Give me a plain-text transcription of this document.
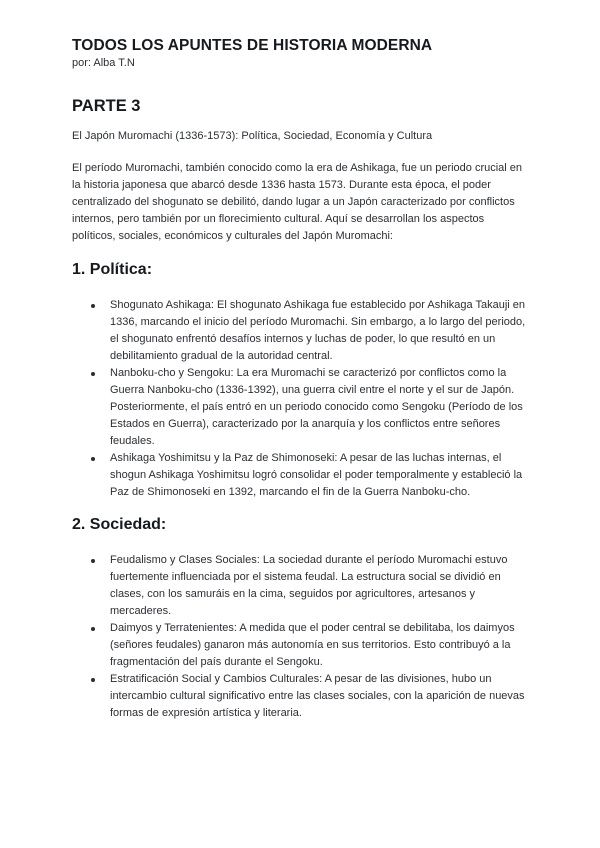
TODOS LOS APUNTES DE HISTORIA MODERNA

por: Alba T.N

PARTE 3

El Japón Muromachi (1336-1573): Política, Sociedad, Economía y Cultura

El período Muromachi, también conocido como la era de Ashikaga, fue un periodo crucial en la historia japonesa que abarcó desde 1336 hasta 1573. Durante esta época, el poder centralizado del shogunato se debilitó, dando lugar a un Japón caracterizado por conflictos internos, pero también por un florecimiento cultural. Aquí se desarrollan los aspectos políticos, sociales, económicos y culturales del Japón Muromachi:

1. Política:
Shogunato Ashikaga: El shogunato Ashikaga fue establecido por Ashikaga Takauji en 1336, marcando el inicio del período Muromachi. Sin embargo, a lo largo del periodo, el shogunato enfrentó desafíos internos y luchas de poder, lo que resultó en un debilitamiento gradual de la autoridad central.
Nanboku-cho y Sengoku: La era Muromachi se caracterizó por conflictos como la Guerra Nanboku-cho (1336-1392), una guerra civil entre el norte y el sur de Japón. Posteriormente, el país entró en un periodo conocido como Sengoku (Período de los Estados en Guerra), caracterizado por la anarquía y los conflictos entre señores feudales.
Ashikaga Yoshimitsu y la Paz de Shimonoseki: A pesar de las luchas internas, el shogun Ashikaga Yoshimitsu logró consolidar el poder temporalmente y estableció la Paz de Shimonoseki en 1392, marcando el fin de la Guerra Nanboku-cho.
2. Sociedad:
Feudalismo y Clases Sociales: La sociedad durante el período Muromachi estuvo fuertemente influenciada por el sistema feudal. La estructura social se dividió en clases, con los samuráis en la cima, seguidos por agricultores, artesanos y mercaderes.
Daimyos y Terratenientes: A medida que el poder central se debilitaba, los daimyos (señores feudales) ganaron más autonomía en sus territorios. Esto contribuyó a la fragmentación del país durante el Sengoku.
Estratificación Social y Cambios Culturales: A pesar de las divisiones, hubo un intercambio cultural significativo entre las clases sociales, con la aparición de nuevas formas de expresión artística y literaria.
